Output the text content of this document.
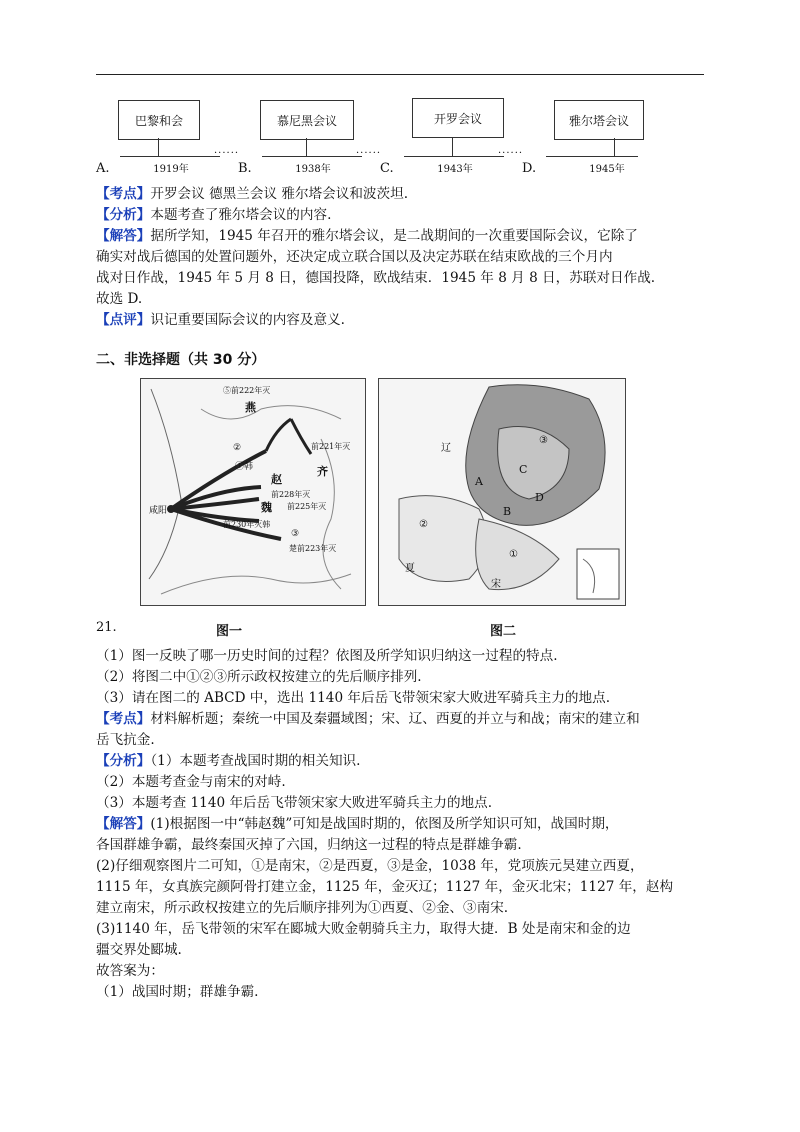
巴黎和会
······
1919年
A.
慕尼黑会议
······
1938年
B.
开罗会议
······
1943年
C.
雅尔塔会议
1945年
D.
【考点】开罗会议 德黑兰会议 雅尔塔会议和波茨坦.
【分析】本题考查了雅尔塔会议的内容.
【解答】据所学知，1945 年召开的雅尔塔会议，是二战期间的一次重要国际会议，它除了
确实对战后德国的处置问题外，还决定成立联合国以及决定苏联在结束欧战的三个月内
战对日作战，1945 年 5 月 8 日，德国投降，欧战结束．1945 年 8 月 8 日，苏联对日作战.
故选 D.
【点评】识记重要国际会议的内容及意义.
二、非选择题（共 30 分）
⑤前222年灭
燕
赵
前221年灭
齐
前228年灭
①韩
②
魏 前225年灭
前230年灭韩
③
楚前223年灭
咸阳
辽
C
A
B
D
①
②
③
夏
宋
21.	图一	图二
（1）图一反映了哪一历史时间的过程？依图及所学知识归纳这一过程的特点.
（2）将图二中①②③所示政权按建立的先后顺序排列.
（3）请在图二的 ABCD 中，选出 1140 年后岳飞带领宋家大败进军骑兵主力的地点.
【考点】材料解析题；秦统一中国及秦疆域图；宋、辽、西夏的并立与和战；南宋的建立和
岳飞抗金.
【分析】（1）本题考查战国时期的相关知识.
（2）本题考查金与南宋的对峙.
（3）本题考查 1140 年后岳飞带领宋家大败进军骑兵主力的地点.
【解答】(1)根据图一中“韩赵魏”可知是战国时期的，依图及所学知识可知，战国时期，
各国群雄争霸，最终秦国灭掉了六国，归纳这一过程的特点是群雄争霸.
(2)仔细观察图片二可知，①是南宋，②是西夏，③是金，1038 年，党项族元昊建立西夏，
1115 年，女真族完颜阿骨打建立金，1125 年，金灭辽；1127 年，金灭北宋；1127 年，赵构
建立南宋，所示政权按建立的先后顺序排列为①西夏、②金、③南宋.
(3)1140 年，岳飞带领的宋军在郾城大败金朝骑兵主力，取得大捷．B 处是南宋和金的边
疆交界处郾城.
故答案为：
（1）战国时期；群雄争霸.
